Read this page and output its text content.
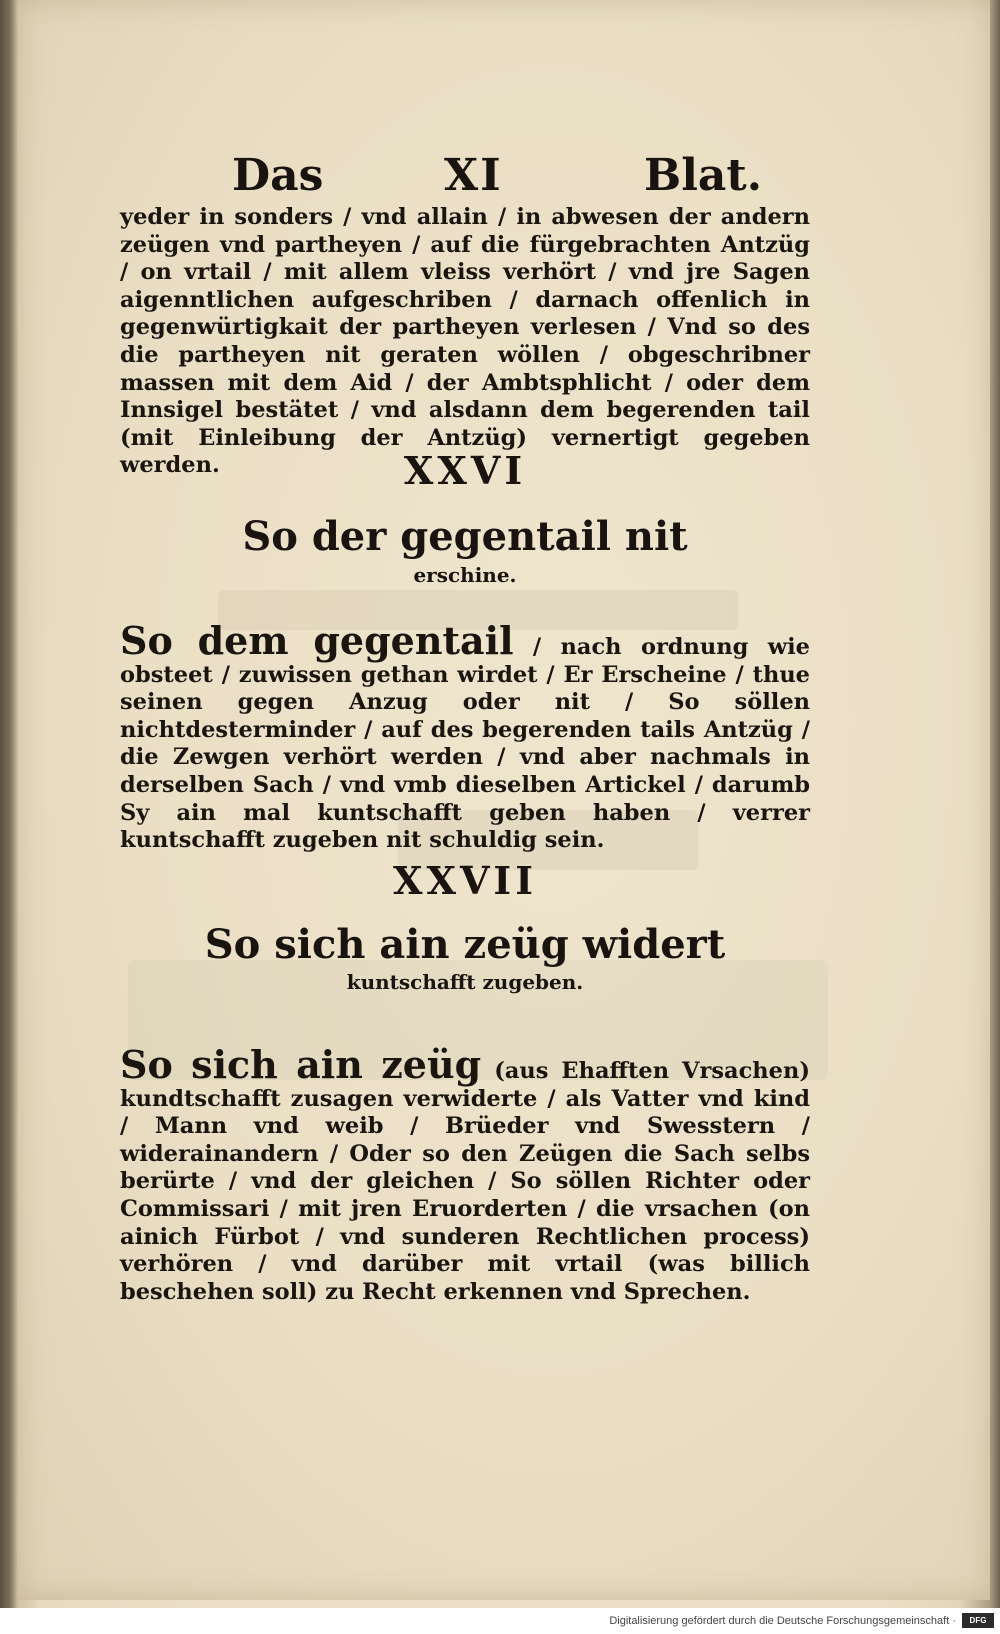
Das	XI	Blat.

yeder in sonders / vnd allain / in abwesen der andern zeügen vnd partheyen / auf die fürgebrachten Antzüg / on vrtail / mit allem vleiss verhört / vnd jre Sagen aigenntlichen aufgeschriben / darnach offenlich in gegenwürtigkait der partheyen verlesen / Vnd so des die partheyen nit geraten wöllen / obgeschribner massen mit dem Aid / der Ambtsphlicht / oder dem Innsigel bestätet / vnd alsdann dem begerenden tail (mit Einleibung der Antzüg) vernertigt gegeben werden.	XXVI
So der gegentail nit
erschine.

So dem gegentail / nach ordnung wie obsteet / zuwissen gethan wirdet / Er Erscheine / thue seinen gegen Anzug oder nit / So söllen nichtdesterminder / auf des begerenden tails Antzüg / die Zewgen verhört werden / vnd aber nachmals in derselben Sach / vnd vmb dieselben Artickel / darumb Sy ain mal kuntschafft geben haben / verrer kuntschafft zugeben nit schuldig sein.

XXVII
So sich ain zeüg widert
kuntschafft zugeben.

So sich ain zeüg (aus Ehafften Vrsachen) kundtschafft zusagen verwiderte / als Vatter vnd kind / Mann vnd weib / Brüeder vnd Swesstern / widerainandern / Oder so den Zeügen die Sach selbs berürte / vnd der gleichen / So söllen Richter oder Commissari / mit jren Eruorderten / die vrsachen (on ainich Fürbot / vnd sunderen Rechtlichen process) verhören / vnd darüber mit vrtail (was billich beschehen soll) zu Recht erkennen vnd Sprechen.

Digitalisierung gefördert durch die Deutsche Forschungsgemeinschaft ·	DFG
